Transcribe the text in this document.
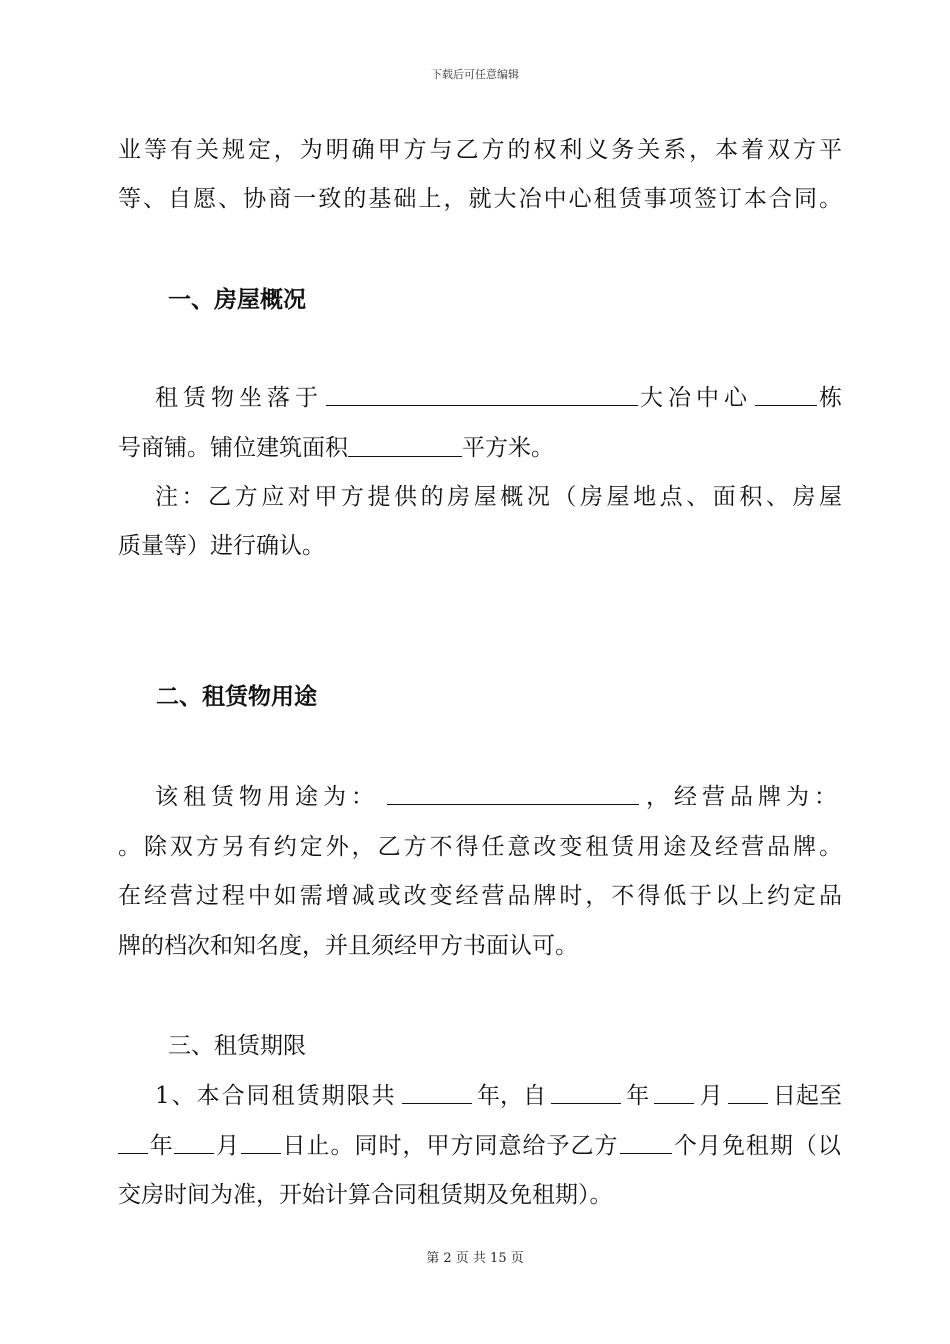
下载后可任意编辑
业等有关规定，为明确甲方与乙方的权利义务关系，本着双方平
等、自愿、协商一致的基础上，就大冶中心租赁事项签订本合同。
一、房屋概况
租赁物坐落于	大冶中心	栋
号商铺。铺位建筑面积	平方米。
注：乙方应对甲方提供的房屋概况（房屋地点、面积、房屋
质量等）进行确认。
二、租赁物用途
该租赁物用途为：	，经营品牌为：
。除双方另有约定外，乙方不得任意改变租赁用途及经营品牌。
在经营过程中如需增减或改变经营品牌时，不得低于以上约定品
牌的档次和知名度，并且须经甲方书面认可。
三、租赁期限
1、本合同租赁期限共	年，自	年 月 日起至
年 月 日止。同时，甲方同意给予乙方 个月免租期（以
交房时间为准，开始计算合同租赁期及免租期）。
第 2 页 共 15 页
